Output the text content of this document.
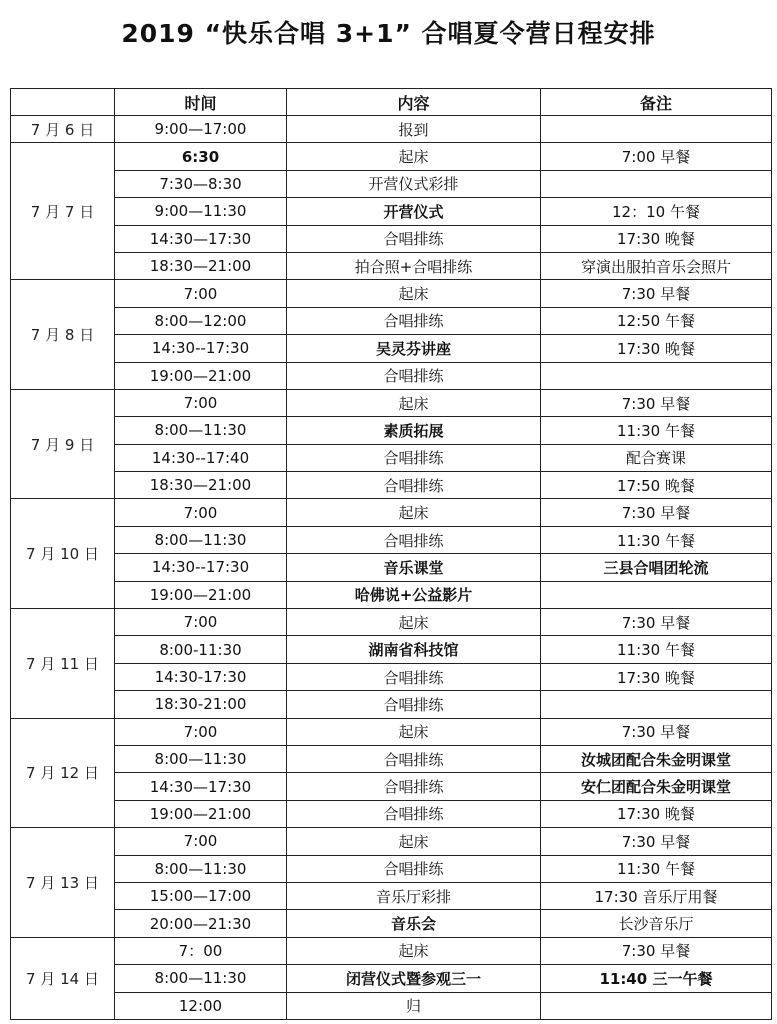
2019 “快乐合唱 3+1” 合唱夏令营日程安排
	时间	内容	备注
7 月 6 日	9:00—17:00	报到	
7 月 7 日	6:30	起床	7:00 早餐
	7:30—8:30	开营仪式彩排	
	9:00—11:30	开营仪式	12：10 午餐
	14:30—17:30	合唱排练	17:30 晚餐
	18:30—21:00	拍合照+合唱排练	穿演出服拍音乐会照片
7 月 8 日	7:00	起床	7:30 早餐
	8:00—12:00	合唱排练	12:50 午餐
	14:30--17:30	吴灵芬讲座	17:30 晚餐
	19:00—21:00	合唱排练	
7 月 9 日	7:00	起床	7:30 早餐
	8:00—11:30	素质拓展	11:30 午餐
	14:30--17:40	合唱排练	配合赛课
	18:30—21:00	合唱排练	17:50 晚餐
7 月 10 日	7:00	起床	7:30 早餐
	8:00—11:30	合唱排练	11:30 午餐
	14:30--17:30	音乐课堂	三县合唱团轮流
	19:00—21:00	哈佛说+公益影片	
7 月 11 日	7:00	起床	7:30 早餐
	8:00-11:30	湖南省科技馆	11:30 午餐
	14:30-17:30	合唱排练	17:30 晚餐
	18:30-21:00	合唱排练	
7 月 12 日	7:00	起床	7:30 早餐
	8:00—11:30	合唱排练	汝城团配合朱金明课堂
	14:30—17:30	合唱排练	安仁团配合朱金明课堂
	19:00—21:00	合唱排练	17:30 晚餐
7 月 13 日	7:00	起床	7:30 早餐
	8:00—11:30	合唱排练	11:30 午餐
	15:00—17:00	音乐厅彩排	17:30 音乐厅用餐
	20:00—21:30	音乐会	长沙音乐厅
7 月 14 日	7：00	起床	7:30 早餐
	8:00—11:30	闭营仪式暨参观三一	11:40 三一午餐
	12:00	归	
